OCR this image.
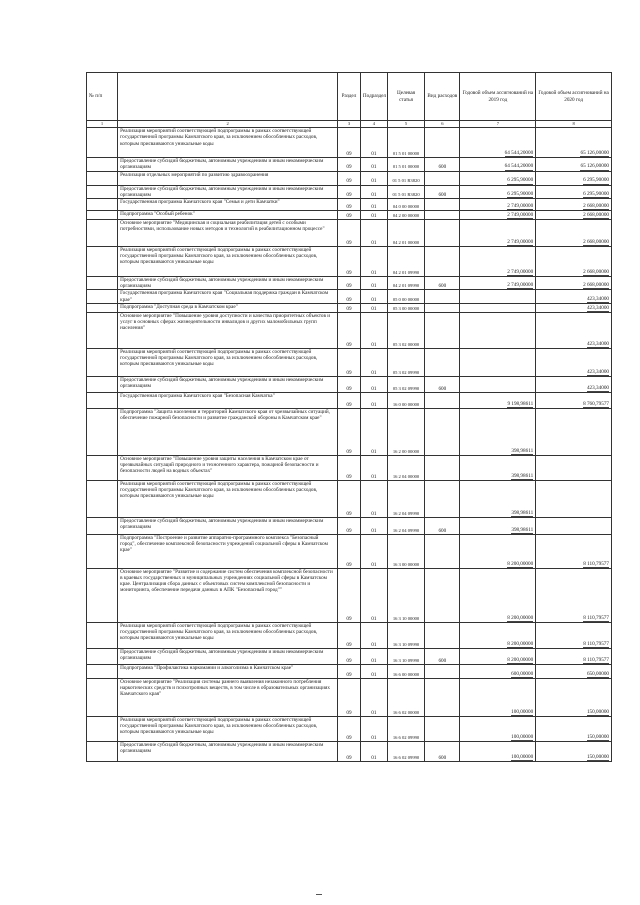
№ п/п		Раздел	Подраздел	Целевая статья	Вид расходов	Годовой объем ассигнований на 2019 год	Годовой объем ассигнований на 2020 год
1	2	3	4	5	6	7	8
	Реализация мероприятий соответствующей подпрограммы в рамках соответствующей государственной программы Камчатского края, за исключением обособленных расходов, которым присваиваются уникальные коды	09	01	01 5 01 00000		64 544,20000	65 126,00000
	Предоставление субсидий бюджетным, автономным учреждениям и иным некоммерческим организациям	09	01	01 5 01 00000	600	64 544,20000	65 126,00000
	Реализация отдельных мероприятий по развитию здравоохранения	09	01	01 5 01 R3820		6 295,90000	6 295,90000
	Предоставление субсидий бюджетным, автономным учреждениям и иным некоммерческим организациям	09	01	01 5 01 R3820	600	6 295,90000	6 295,90000
	Государственная программа Камчатского края "Семья и дети Камчатки"	09	01	04 0 00 00000		2 749,00000	2 668,00000
	Подпрограмма "Особый ребенок"	09	01	04 2 00 00000		2 749,00000	2 668,00000
	Основное мероприятие "Медицинская и социальная реабилитация детей с особыми потребностями, использование новых методов и технологий в реабилитационном процессе"	09	01	04 2 01 00000		2 749,00000	2 668,00000
	Реализация мероприятий соответствующей подпрограммы в рамках соответствующей государственной программы Камчатского края, за исключением обособленных расходов, которым присваиваются уникальные коды	09	01	04 2 01 09990		2 749,00000	2 668,00000
	Предоставление субсидий бюджетным, автономным учреждениям и иным некоммерческим организациям	09	01	04 2 01 09990	600	2 749,00000	2 668,00000
	Государственная программа Камчатского края "Социальная поддержка граждан в Камчатском крае"	09	01	05 0 00 00000			423,34000
	Подпрограмма "Доступная среда в Камчатском крае"	09	01	05 3 00 00000			423,34000
	Основное мероприятие "Повышение уровня доступности и качества приоритетных объектов и услуг в основных сферах жизнедеятельности инвалидов и других маломобильных групп населения"	09	01	05 3 02 00000			423,34000
	Реализация мероприятий соответствующей подпрограммы в рамках соответствующей государственной программы Камчатского края, за исключением обособленных расходов, которым присваиваются уникальные коды	09	01	05 3 02 09990			423,34000
	Предоставление субсидий бюджетным, автономным учреждениям и иным некоммерческим организациям	09	01	05 3 02 09990	600		423,34000
	Государственная программа Камчатского края "Безопасная Камчатка"	09	01	16 0 00 00000		9 198,98611	8 760,79577
	Подпрограмма "Защита населения и территорий Камчатского края от чрезвычайных ситуаций, обеспечение пожарной безопасности и развитие гражданской обороны в Камчатском крае"	09	01	16 2 00 00000		398,98611	
	Основное мероприятие "Повышение уровня защиты населения в Камчатском крае от чрезвычайных ситуаций природного и техногенного характера, пожарной безопасности и безопасности людей на водных объектах"	09	01	16 2 04 00000		398,98611	
	Реализация мероприятий соответствующей подпрограммы в рамках соответствующей государственной программы Камчатского края, за исключением обособленных расходов, которым присваиваются уникальные коды	09	01	16 2 04 09990		398,98611	
	Предоставление субсидий бюджетным, автономным учреждениям и иным некоммерческим организациям	09	01	16 2 04 09990	600	398,98611	
	Подпрограмма "Построение и развитие аппаратно-программного комплекса "Безопасный город", обеспечение комплексной безопасности учреждений социальной сферы в Камчатском крае"	09	01	16 3 00 00000		8 200,00000	8 110,79577
	Основное мероприятие "Развитие и содержание систем обеспечения комплексной безопасности в краевых государственных и муниципальных учреждениях социальной сферы в Камчатском крае. Централизация сбора данных с объектовых систем комплексной безопасности и мониторинга, обеспечение передачи данных в АПК "Безопасный город""	09	01	16 3 10 00000		8 200,00000	8 110,79577
	Реализация мероприятий соответствующей подпрограммы в рамках соответствующей государственной программы Камчатского края, за исключением обособленных расходов, которым присваиваются уникальные коды	09	01	16 3 10 09990		8 200,00000	8 110,79577
	Предоставление субсидий бюджетным, автономным учреждениям и иным некоммерческим организациям	09	01	16 3 10 09990	600	8 200,00000	8 110,79577
	Подпрограмма "Профилактика наркомании и алкоголизма в Камчатском крае"	09	01	16 6 00 00000		600,00000	650,00000
	Основное мероприятие "Реализация системы раннего выявления незаконного потребления наркотических средств и психотропных веществ, в том числе в образовательных организациях Камчатского края"	09	01	16 6 02 00000		100,00000	150,00000
	Реализация мероприятий соответствующей подпрограммы в рамках соответствующей государственной программы Камчатского края, за исключением обособленных расходов, которым присваиваются уникальные коды	09	01	16 6 02 09990		100,00000	150,00000
	Предоставление субсидий бюджетным, автономным учреждениям и иным некоммерческим организациям	09	01	16 6 02 09990	600	100,00000	150,00000
